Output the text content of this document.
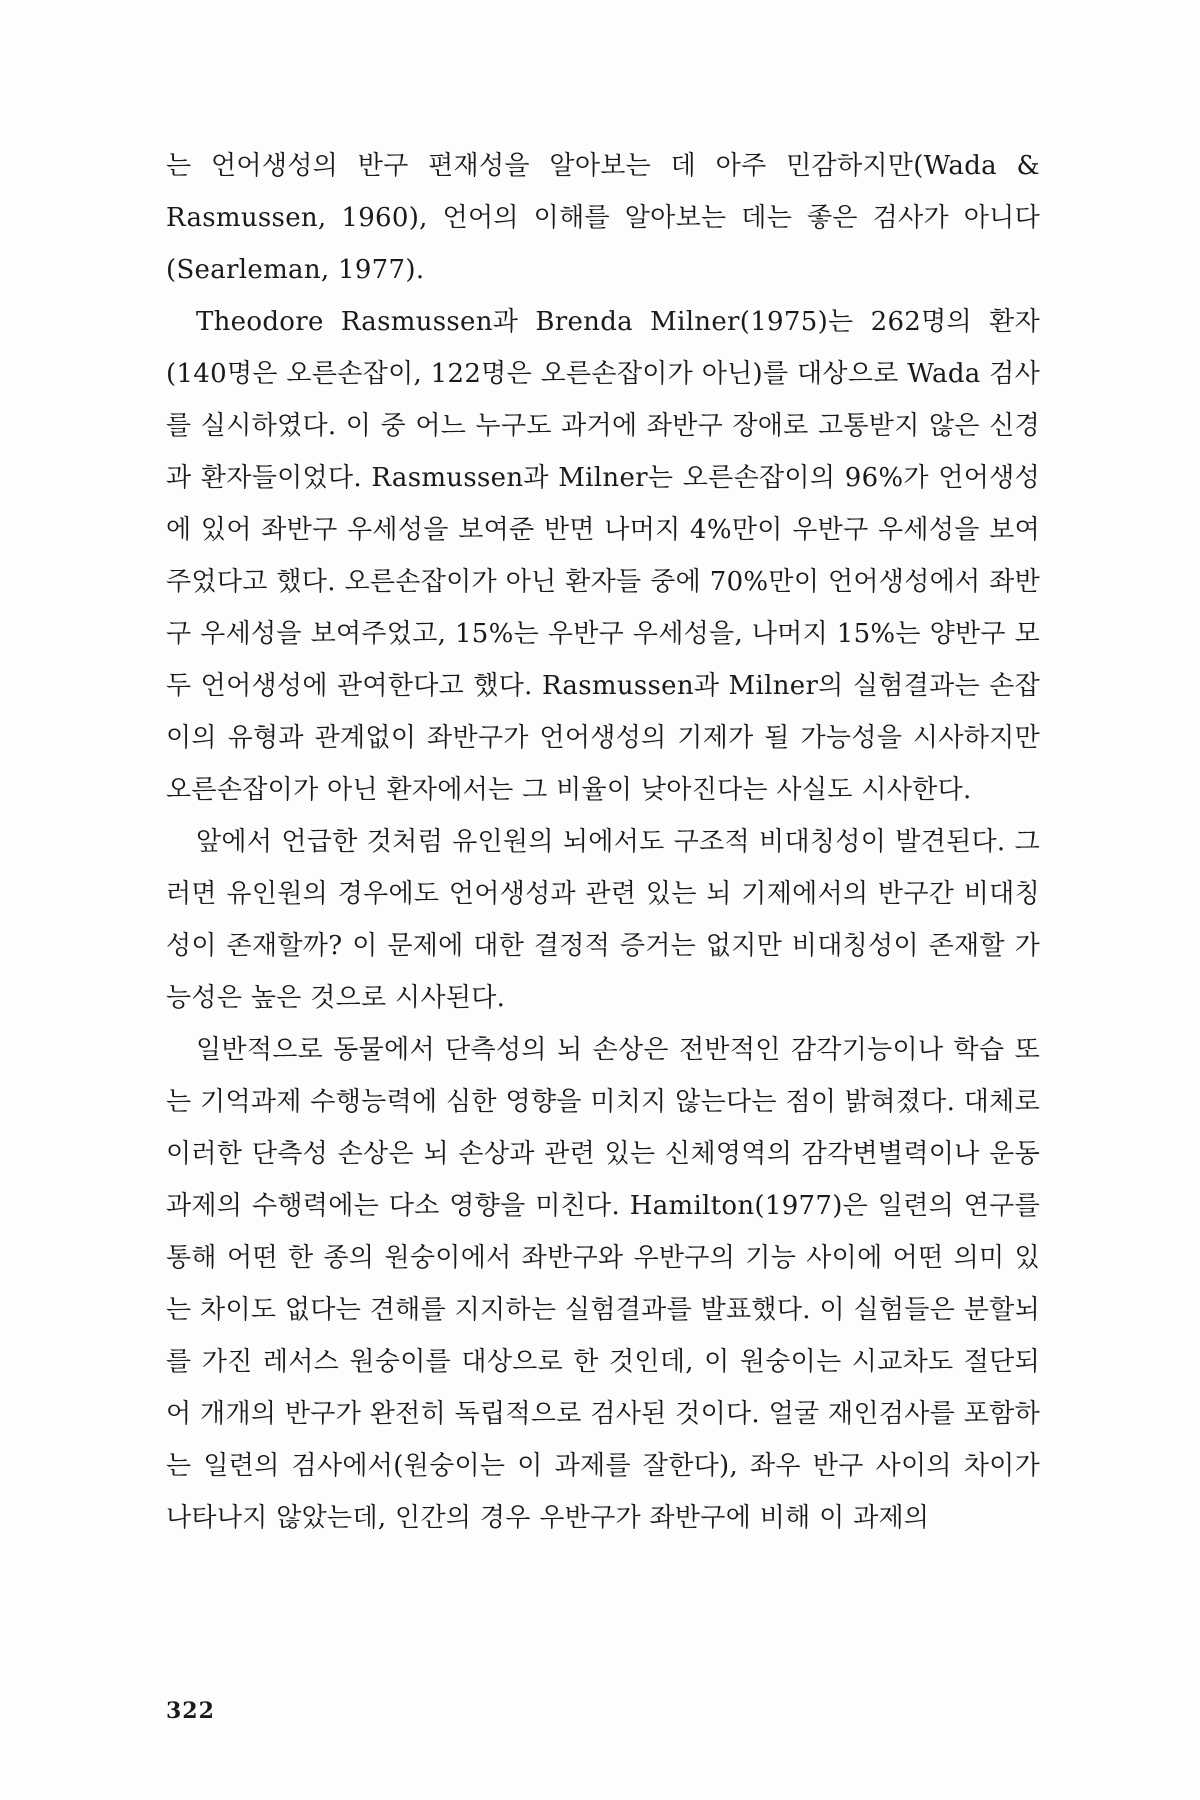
는 언어생성의 반구 편재성을 알아보는 데 아주 민감하지만(Wada & Rasmussen, 1960), 언어의 이해를 알아보는 데는 좋은 검사가 아니다(Searleman, 1977).

Theodore Rasmussen과 Brenda Milner(1975)는 262명의 환자(140명은 오른손잡이, 122명은 오른손잡이가 아닌)를 대상으로 Wada 검사를 실시하였다. 이 중 어느 누구도 과거에 좌반구 장애로 고통받지 않은 신경과 환자들이었다. Rasmussen과 Milner는 오른손잡이의 96%가 언어생성에 있어 좌반구 우세성을 보여준 반면 나머지 4%만이 우반구 우세성을 보여주었다고 했다. 오른손잡이가 아닌 환자들 중에 70%만이 언어생성에서 좌반구 우세성을 보여주었고, 15%는 우반구 우세성을, 나머지 15%는 양반구 모두 언어생성에 관여한다고 했다. Rasmussen과 Milner의 실험결과는 손잡이의 유형과 관계없이 좌반구가 언어생성의 기제가 될 가능성을 시사하지만 오른손잡이가 아닌 환자에서는 그 비율이 낮아진다는 사실도 시사한다.

앞에서 언급한 것처럼 유인원의 뇌에서도 구조적 비대칭성이 발견된다. 그러면 유인원의 경우에도 언어생성과 관련 있는 뇌 기제에서의 반구간 비대칭성이 존재할까? 이 문제에 대한 결정적 증거는 없지만 비대칭성이 존재할 가능성은 높은 것으로 시사된다.

일반적으로 동물에서 단측성의 뇌 손상은 전반적인 감각기능이나 학습 또는 기억과제 수행능력에 심한 영향을 미치지 않는다는 점이 밝혀졌다. 대체로 이러한 단측성 손상은 뇌 손상과 관련 있는 신체영역의 감각변별력이나 운동과제의 수행력에는 다소 영향을 미친다. Hamilton(1977)은 일련의 연구를 통해 어떤 한 종의 원숭이에서 좌반구와 우반구의 기능 사이에 어떤 의미 있는 차이도 없다는 견해를 지지하는 실험결과를 발표했다. 이 실험들은 분할뇌를 가진 레서스 원숭이를 대상으로 한 것인데, 이 원숭이는 시교차도 절단되어 개개의 반구가 완전히 독립적으로 검사된 것이다. 얼굴 재인검사를 포함하는 일련의 검사에서(원숭이는 이 과제를 잘한다), 좌우 반구 사이의 차이가 나타나지 않았는데, 인간의 경우 우반구가 좌반구에 비해 이 과제의

322
